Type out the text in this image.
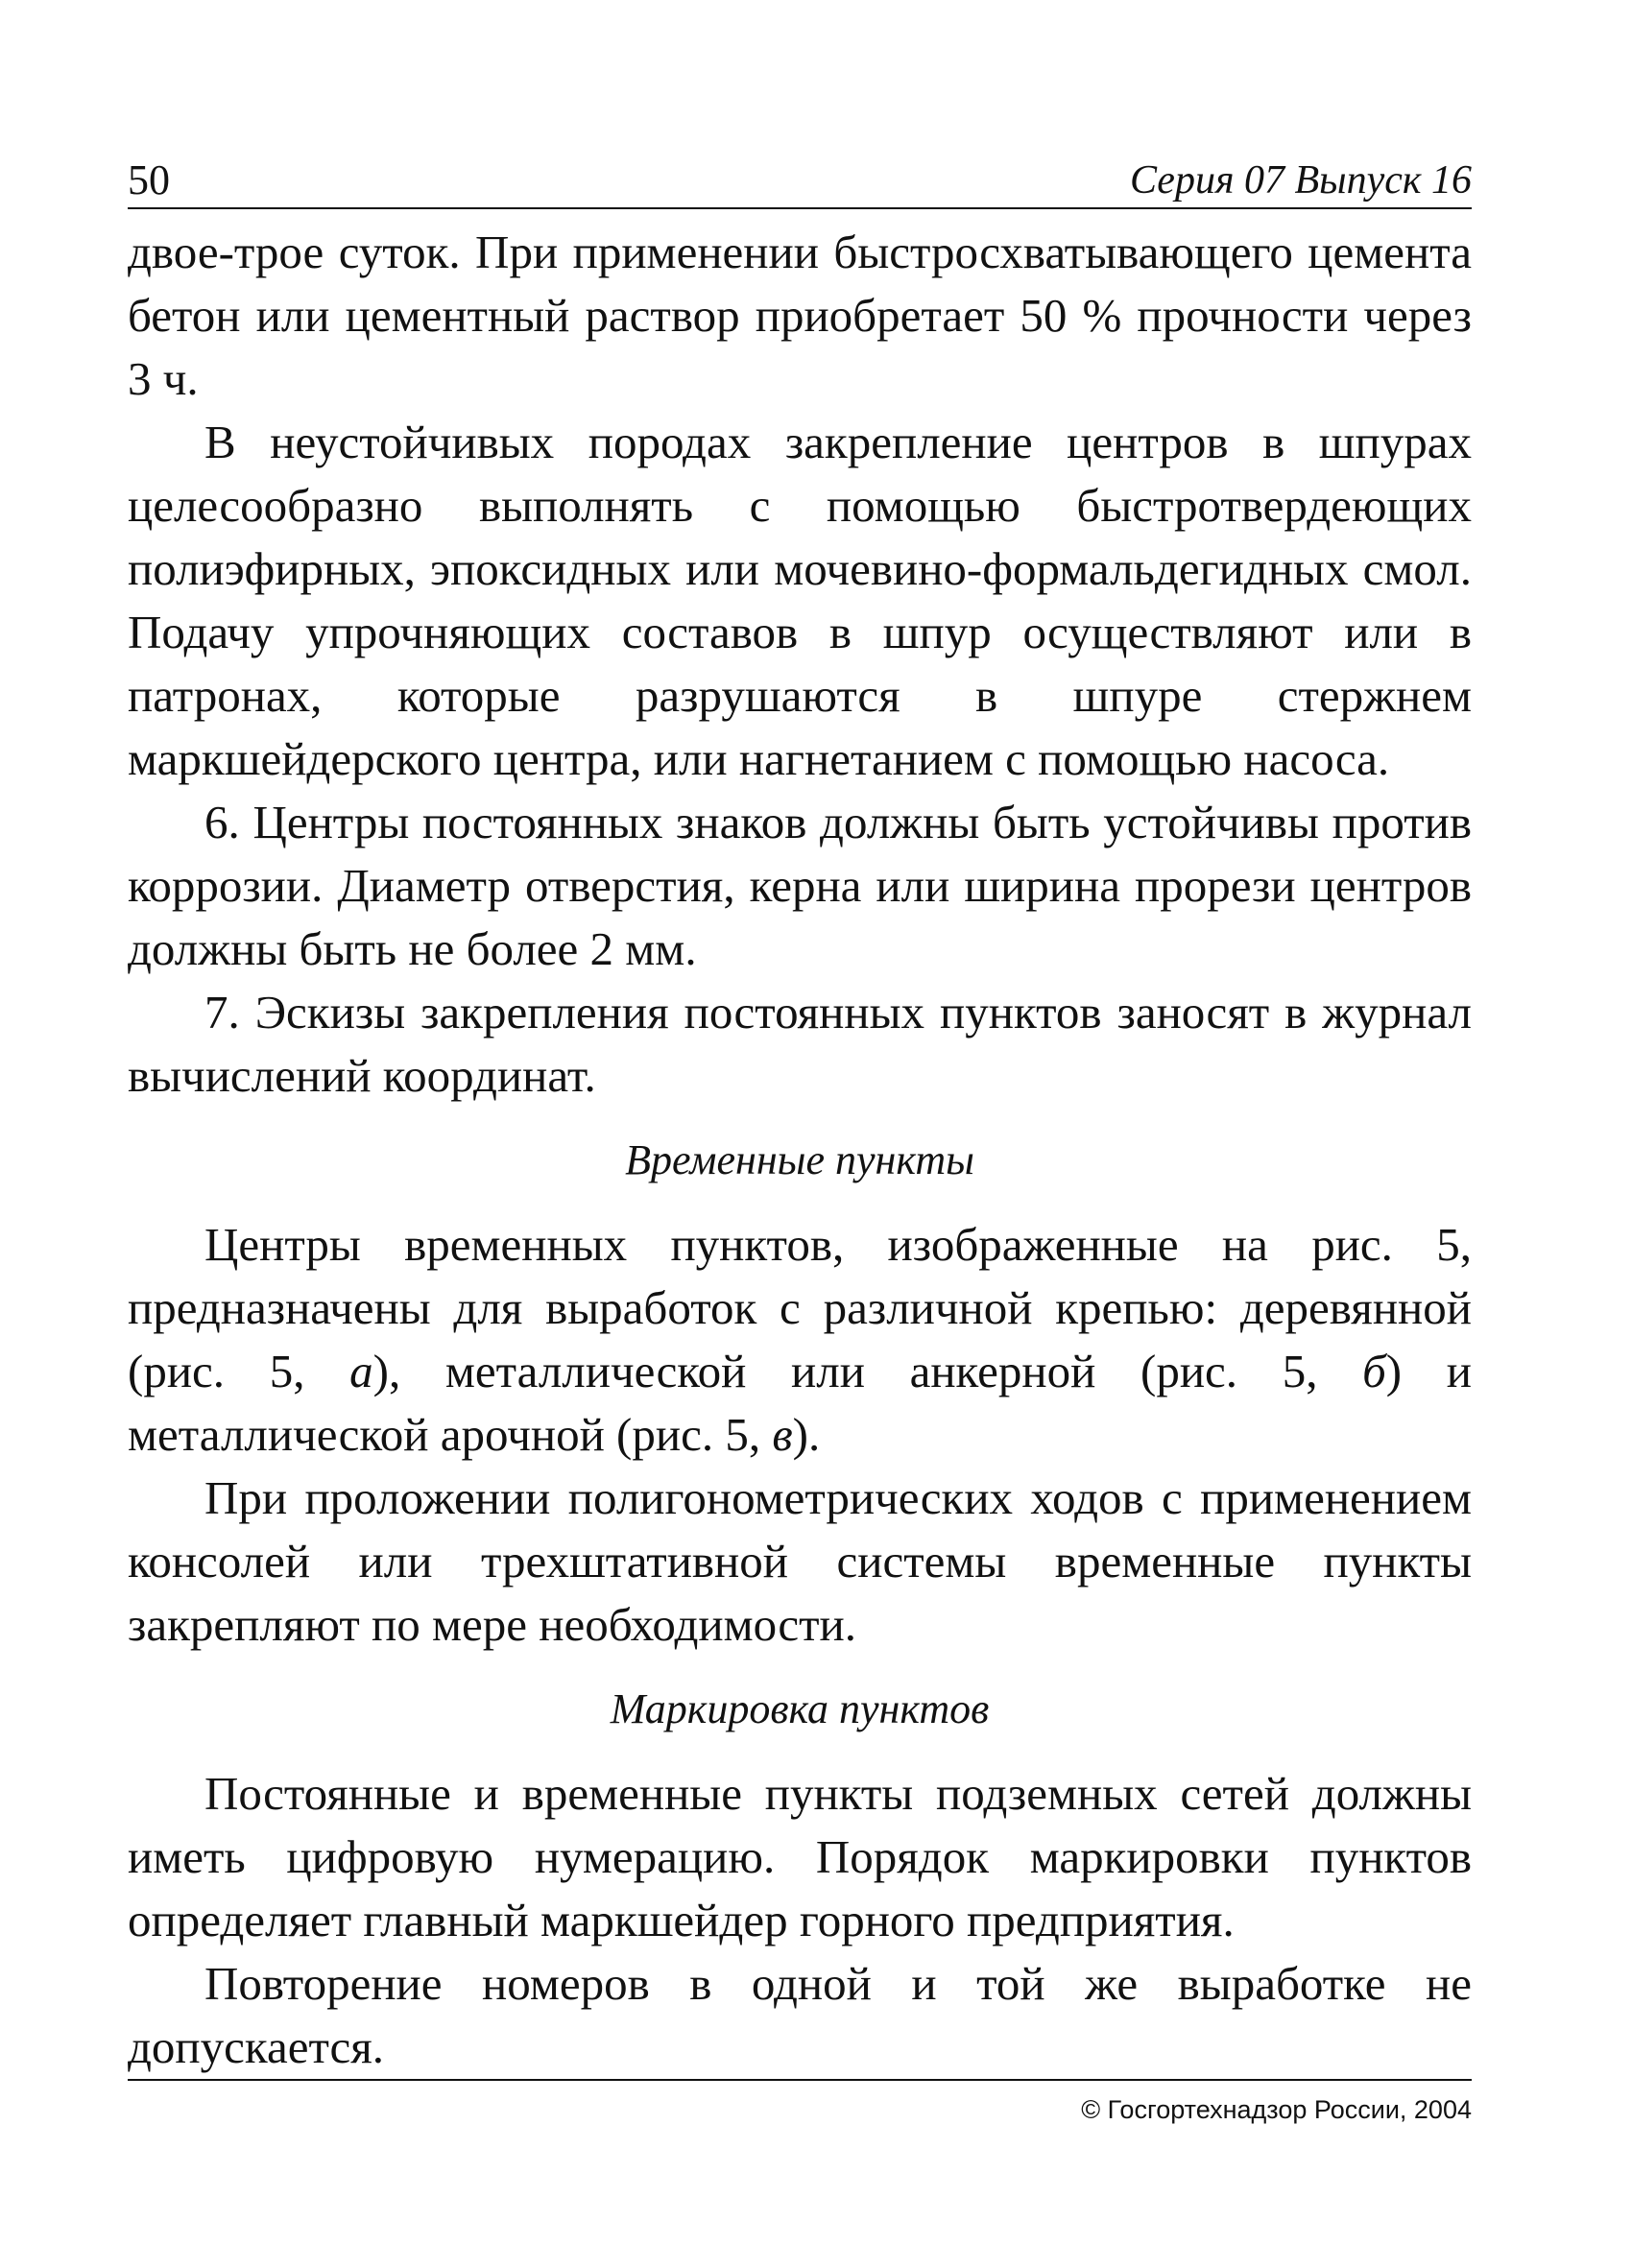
50	Серия 07 Выпуск 16

двое-трое суток. При применении быстросхватывающего цемента бетон или цементный раствор приобретает 50 % прочности через 3 ч.

В неустойчивых породах закрепление центров в шпурах целесообразно выполнять с помощью быстротвердеющих полиэфирных, эпоксидных или мочевино-формальдегидных смол. Подачу упрочняющих составов в шпур осуществляют или в патронах, которые разрушаются в шпуре стержнем маркшейдерского центра, или нагнетанием с помощью насоса.

6. Центры постоянных знаков должны быть устойчивы против коррозии. Диаметр отверстия, керна или ширина прорези центров должны быть не более 2 мм.

7. Эскизы закрепления постоянных пунктов заносят в журнал вычислений координат.

Временные пункты

Центры временных пунктов, изображенные на рис. 5, предназначены для выработок с различной крепью: деревянной (рис. 5, а), металлической или анкерной (рис. 5, б) и металлической арочной (рис. 5, в).

При проложении полигонометрических ходов с применением консолей или трехштативной системы временные пункты закрепляют по мере необходимости.

Маркировка пунктов

Постоянные и временные пункты подземных сетей должны иметь цифровую нумерацию. Порядок маркировки пунктов определяет главный маркшейдер горного предприятия.

Повторение номеров в одной и той же выработке не допускается.

© Госгортехнадзор России, 2004
